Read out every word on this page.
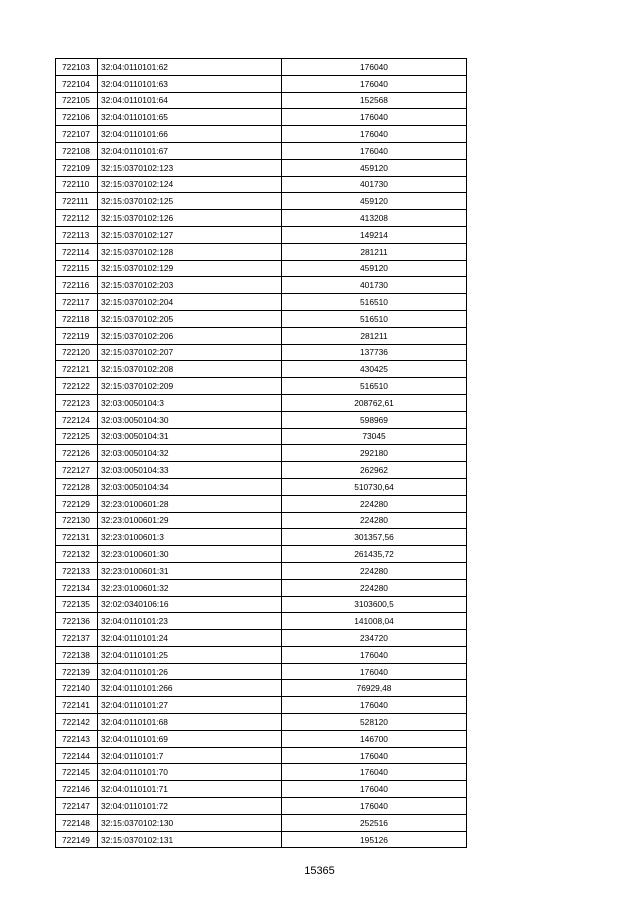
722103	32:04:0110101:62	176040
722104	32:04:0110101:63	176040
722105	32:04:0110101:64	152568
722106	32:04:0110101:65	176040
722107	32:04:0110101:66	176040
722108	32:04:0110101:67	176040
722109	32:15:0370102:123	459120
722110	32:15:0370102:124	401730
722111	32:15:0370102:125	459120
722112	32:15:0370102:126	413208
722113	32:15:0370102:127	149214
722114	32:15:0370102:128	281211
722115	32:15:0370102:129	459120
722116	32:15:0370102:203	401730
722117	32:15:0370102:204	516510
722118	32:15:0370102:205	516510
722119	32:15:0370102:206	281211
722120	32:15:0370102:207	137736
722121	32:15:0370102:208	430425
722122	32:15:0370102:209	516510
722123	32:03:0050104:3	208762,61
722124	32:03:0050104:30	598969
722125	32:03:0050104:31	73045
722126	32:03:0050104:32	292180
722127	32:03:0050104:33	262962
722128	32:03:0050104:34	510730,64
722129	32:23:0100601:28	224280
722130	32:23:0100601:29	224280
722131	32:23:0100601:3	301357,56
722132	32:23:0100601:30	261435,72
722133	32:23:0100601:31	224280
722134	32:23:0100601:32	224280
722135	32:02:0340106:16	3103600,5
722136	32:04:0110101:23	141008,04
722137	32:04:0110101:24	234720
722138	32:04:0110101:25	176040
722139	32:04:0110101:26	176040
722140	32:04:0110101:266	76929,48
722141	32:04:0110101:27	176040
722142	32:04:0110101:68	528120
722143	32:04:0110101:69	146700
722144	32:04:0110101:7	176040
722145	32:04:0110101:70	176040
722146	32:04:0110101:71	176040
722147	32:04:0110101:72	176040
722148	32:15:0370102:130	252516
722149	32:15:0370102:131	195126
15365
